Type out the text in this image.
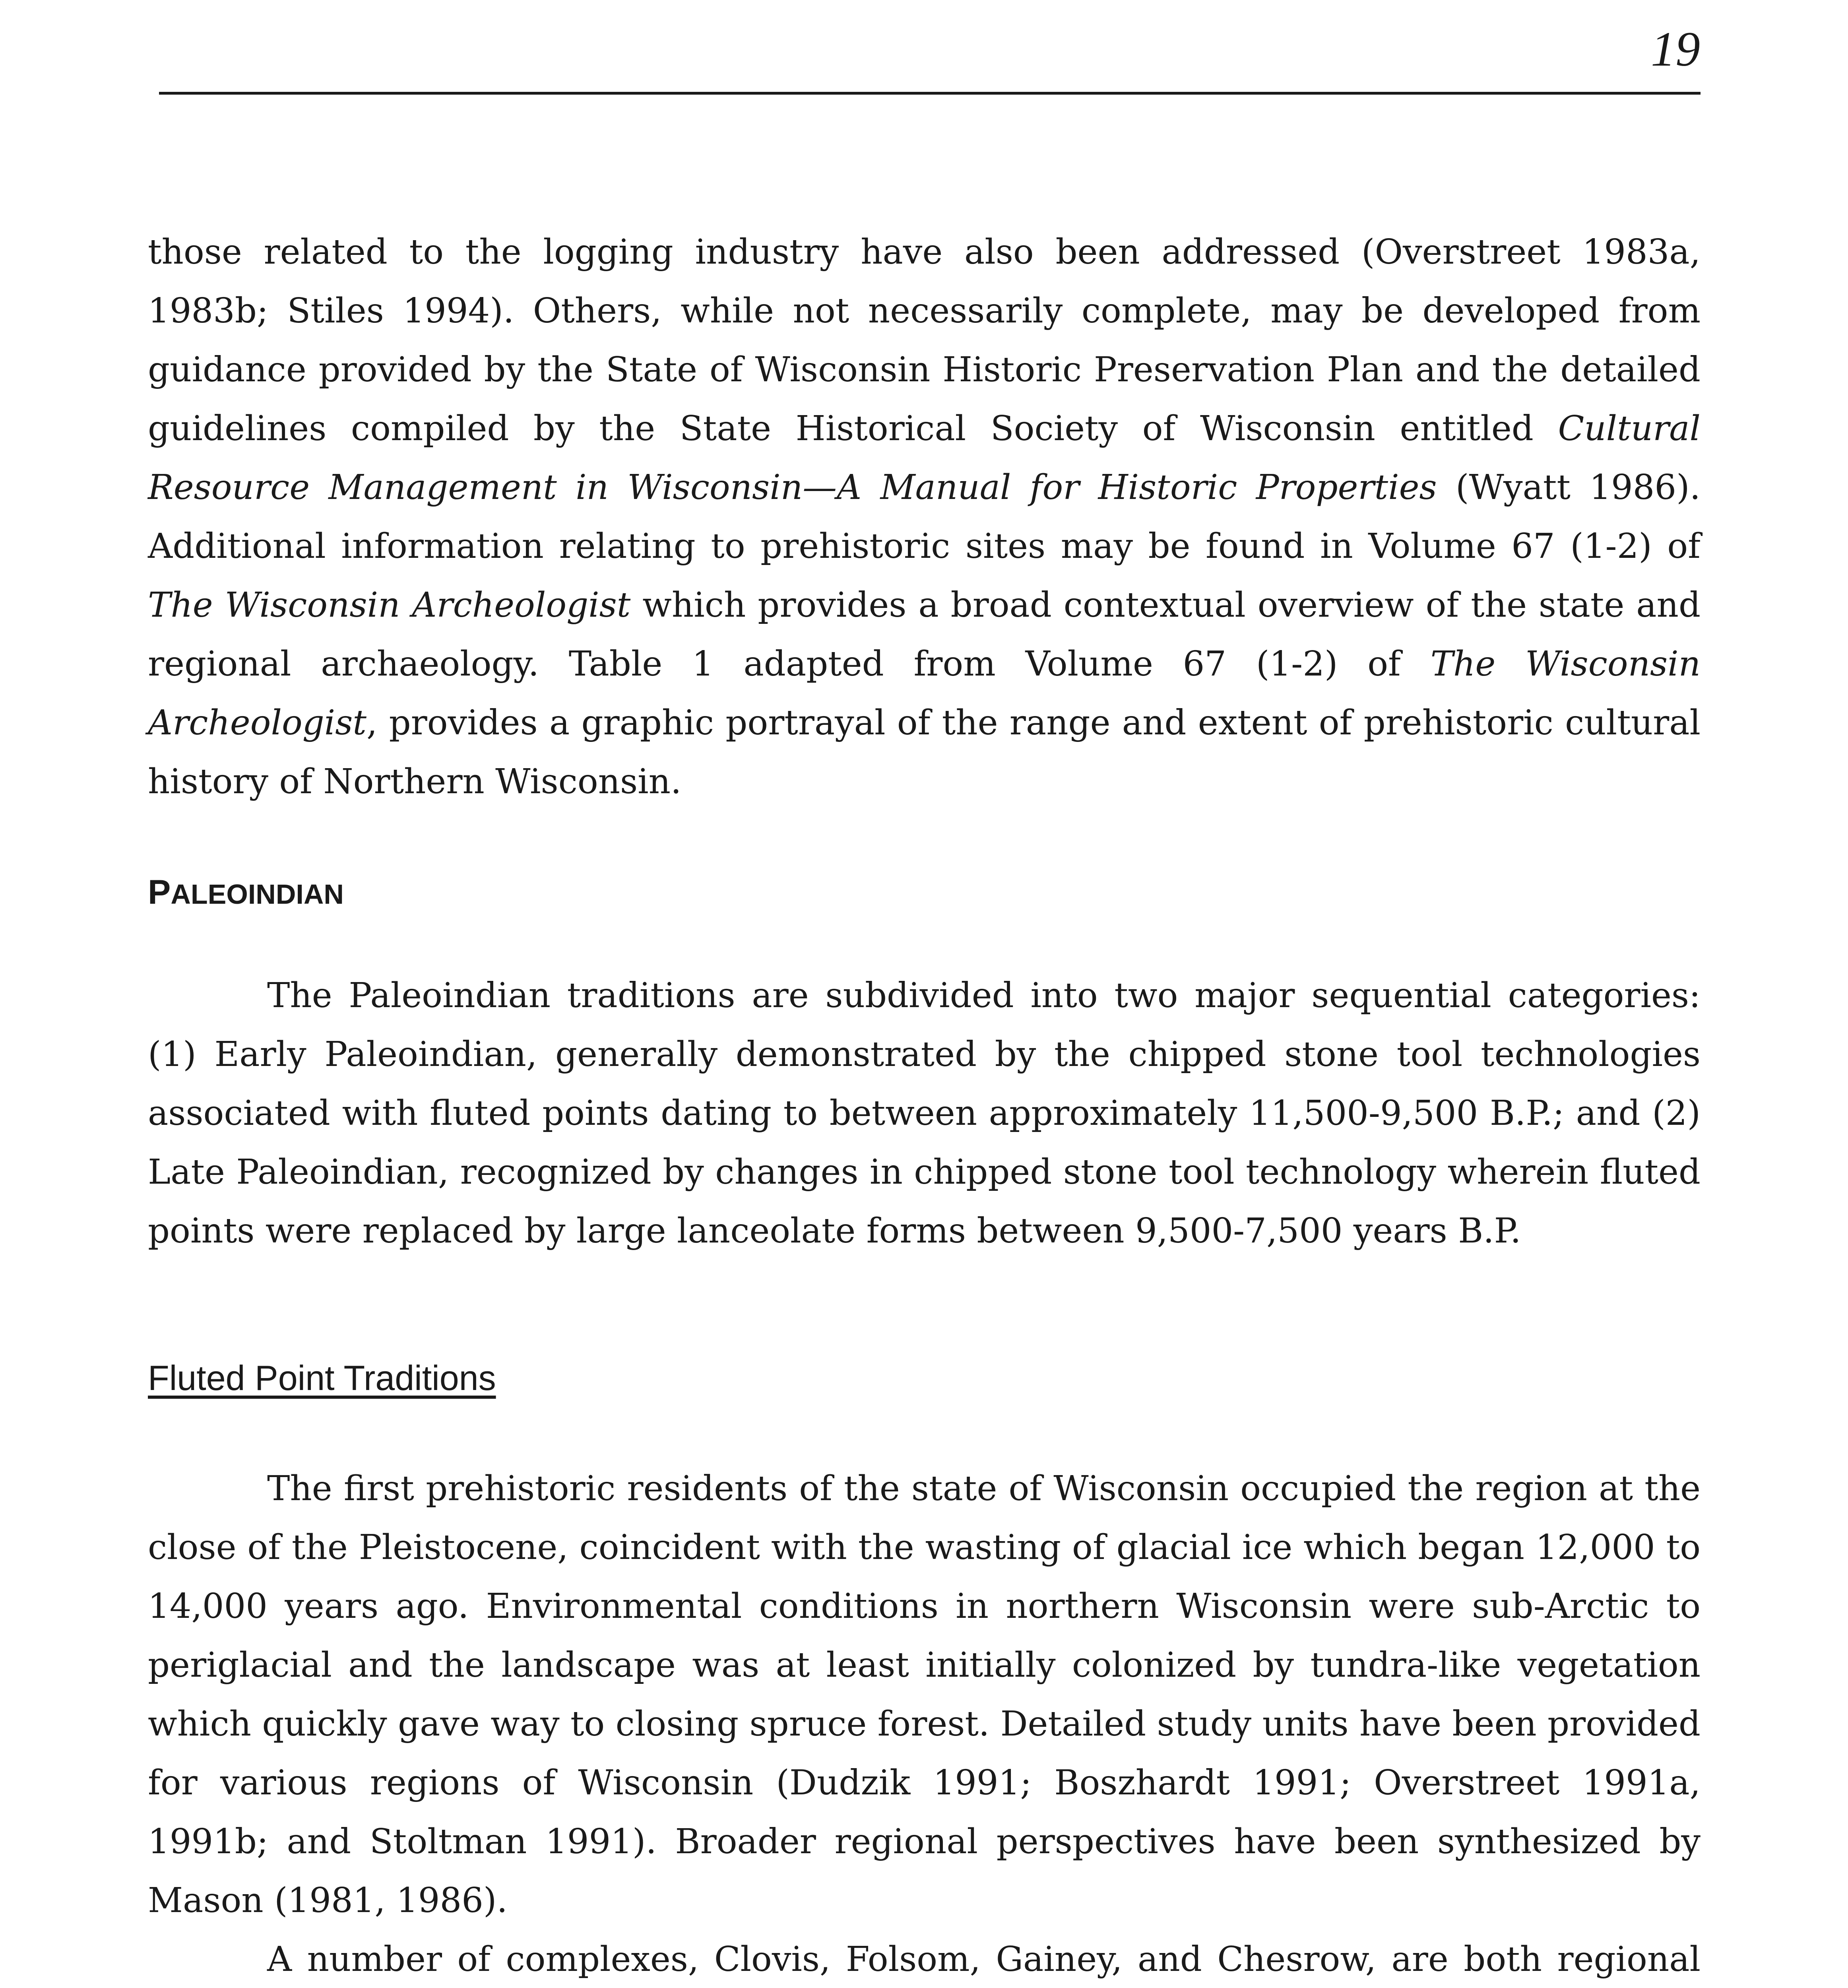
19

those related to the logging industry have also been addressed (Overstreet 1983a, 1983b; Stiles 1994). Others, while not necessarily complete, may be developed from guidance provided by the State of Wisconsin Historic Preservation Plan and the detailed guidelines compiled by the State Historical Society of Wisconsin entitled Cultural Resource Management in Wisconsin—A Manual for Historic Properties (Wyatt 1986). Additional information relating to prehistoric sites may be found in Volume 67 (1-2) of The Wisconsin Archeologist which provides a broad contextual overview of the state and regional archaeology. Table 1 adapted from Volume 67 (1-2) of The Wisconsin Archeologist, provides a graphic portrayal of the range and extent of prehistoric cultural history of Northern Wisconsin.

PALEOINDIAN

The Paleoindian traditions are subdivided into two major sequential categories: (1) Early Paleoindian, generally demonstrated by the chipped stone tool technologies associated with fluted points dating to between approximately 11,500-9,500 B.P.; and (2) Late Paleoindian, recognized by changes in chipped stone tool technology wherein fluted points were replaced by large lanceolate forms between 9,500-7,500 years B.P.

Fluted Point Traditions

The first prehistoric residents of the state of Wisconsin occupied the region at the close of the Pleistocene, coincident with the wasting of glacial ice which began 12,000 to 14,000 years ago. Environmental conditions in northern Wisconsin were sub-Arctic to periglacial and the landscape was at least initially colonized by tundra-like vegetation which quickly gave way to closing spruce forest. Detailed study units have been provided for various regions of Wisconsin (Dudzik 1991; Boszhardt 1991; Overstreet 1991a, 1991b; and Stoltman 1991). Broader regional perspectives have been synthesized by Mason (1981, 1986).

A number of complexes, Clovis, Folsom, Gainey, and Chesrow, are both regional
